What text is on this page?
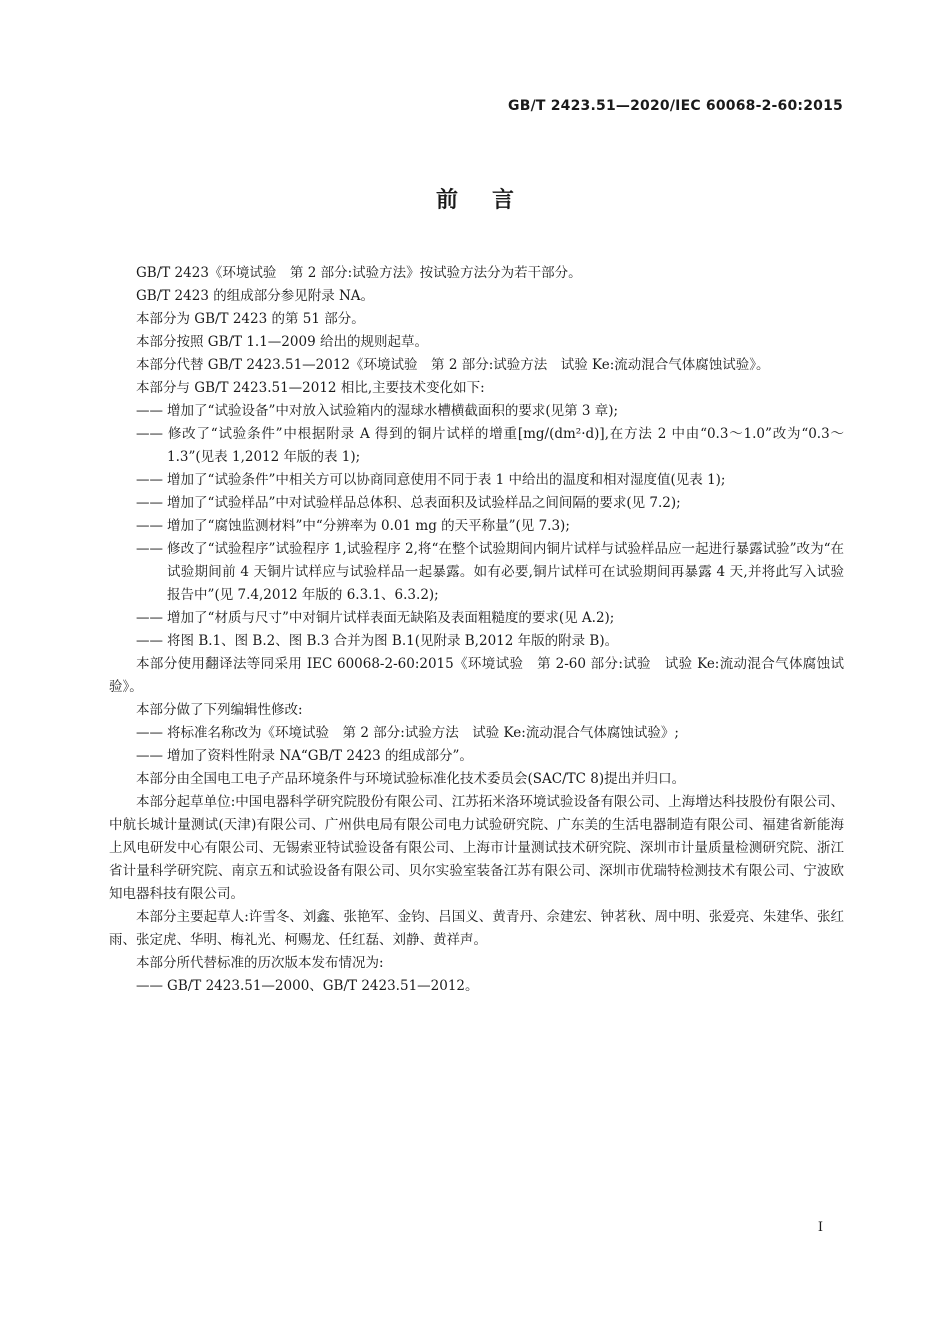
GB/T 2423.51—2020/IEC 60068-2-60:2015
前言

GB/T 2423《环境试验　第 2 部分:试验方法》按试验方法分为若干部分。

GB/T 2423 的组成部分参见附录 NA。

本部分为 GB/T 2423 的第 51 部分。

本部分按照 GB/T 1.1—2009 给出的规则起草。

本部分代替 GB/T 2423.51—2012《环境试验　第 2 部分:试验方法　试验 Ke:流动混合气体腐蚀试验》。

本部分与 GB/T 2423.51—2012 相比,主要技术变化如下:

—— 增加了“试验设备”中对放入试验箱内的湿球水槽横截面积的要求(见第 3 章);

—— 修改了“试验条件”中根据附录 A 得到的铜片试样的增重[mg/(dm²·d)],在方法 2 中由“0.3～1.0”改为“0.3～1.3”(见表 1,2012 年版的表 1);

—— 增加了“试验条件”中相关方可以协商同意使用不同于表 1 中给出的温度和相对湿度值(见表 1);

—— 增加了“试验样品”中对试验样品总体积、总表面积及试验样品之间间隔的要求(见 7.2);

—— 增加了“腐蚀监测材料”中“分辨率为 0.01 mg 的天平称量”(见 7.3);

—— 修改了“试验程序”试验程序 1,试验程序 2,将“在整个试验期间内铜片试样与试验样品应一起进行暴露试验”改为“在试验期间前 4 天铜片试样应与试验样品一起暴露。如有必要,铜片试样可在试验期间再暴露 4 天,并将此写入试验报告中”(见 7.4,2012 年版的 6.3.1、6.3.2);

—— 增加了“材质与尺寸”中对铜片试样表面无缺陷及表面粗糙度的要求(见 A.2);

—— 将图 B.1、图 B.2、图 B.3 合并为图 B.1(见附录 B,2012 年版的附录 B)。

本部分使用翻译法等同采用 IEC 60068-2-60:2015《环境试验　第 2-60 部分:试验　试验 Ke:流动混合气体腐蚀试验》。

本部分做了下列编辑性修改:

—— 将标准名称改为《环境试验　第 2 部分:试验方法　试验 Ke:流动混合气体腐蚀试验》;

—— 增加了资料性附录 NA“GB/T 2423 的组成部分”。

本部分由全国电工电子产品环境条件与环境试验标准化技术委员会(SAC/TC 8)提出并归口。

本部分起草单位:中国电器科学研究院股份有限公司、江苏拓米洛环境试验设备有限公司、上海增达科技股份有限公司、中航长城计量测试(天津)有限公司、广州供电局有限公司电力试验研究院、广东美的生活电器制造有限公司、福建省新能海上风电研发中心有限公司、无锡索亚特试验设备有限公司、上海市计量测试技术研究院、深圳市计量质量检测研究院、浙江省计量科学研究院、南京五和试验设备有限公司、贝尔实验室装备江苏有限公司、深圳市优瑞特检测技术有限公司、宁波欧知电器科技有限公司。

本部分主要起草人:许雪冬、刘鑫、张艳军、金钧、吕国义、黄青丹、佘建宏、钟茗秋、周中明、张爱亮、朱建华、张红雨、张定虎、华明、梅礼光、柯赐龙、任红磊、刘静、黄祥声。

本部分所代替标准的历次版本发布情况为:

—— GB/T 2423.51—2000、GB/T 2423.51—2012。

I
